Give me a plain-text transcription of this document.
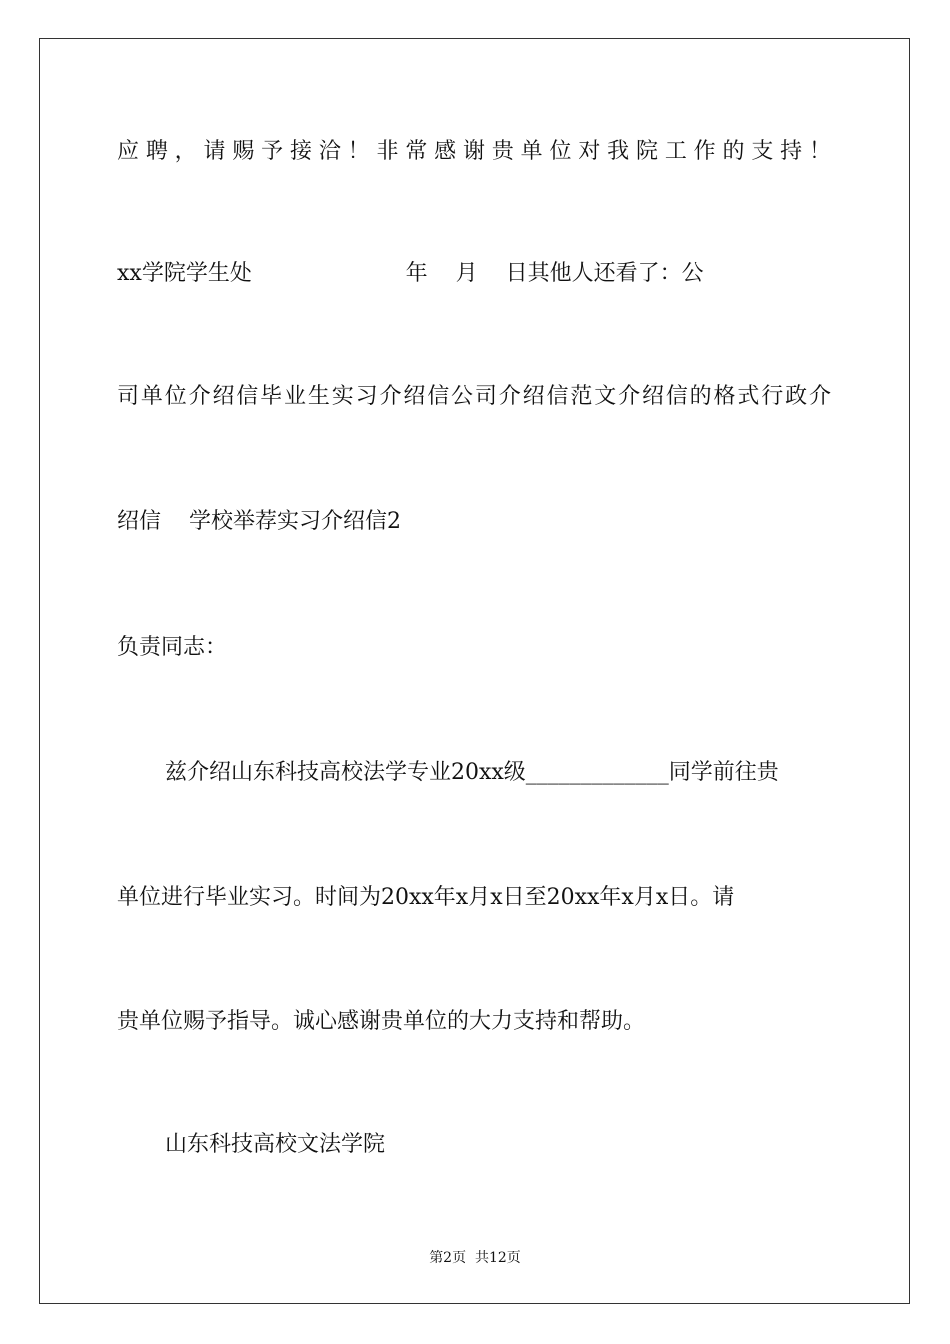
应聘，请赐予接洽！非常感谢贵单位对我院工作的支持！
xx学院学生处                      年    月    日其他人还看了：公
司单位介绍信毕业生实习介绍信公司介绍信范文介绍信的格式行政介
绍信    学校举荐实习介绍信2
负责同志：
兹介绍山东科技高校法学专业20xx级_____________同学前往贵
单位进行毕业实习。时间为20xx年x月x日至20xx年x月x日。请
贵单位赐予指导。诚心感谢贵单位的大力支持和帮助。
山东科技高校文法学院
第2页  共12页
